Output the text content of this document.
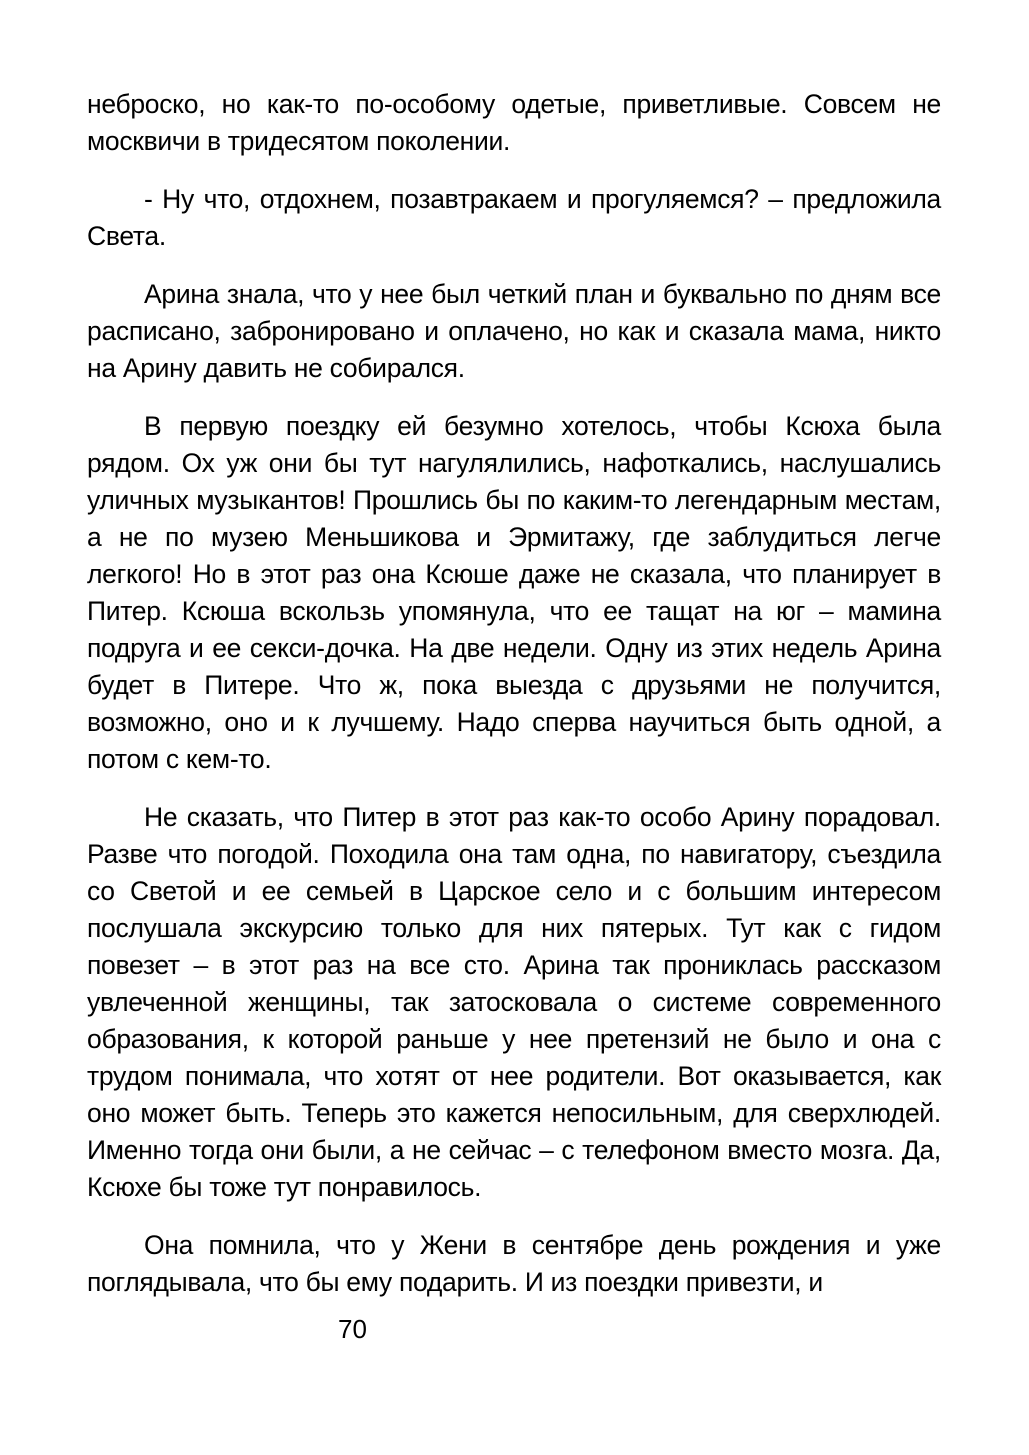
неброско, но как-то по-особому одетые, приветливые. Совсем не москвичи в тридесятом поколении.

- Ну что, отдохнем, позавтракаем и прогуляемся? – предложила Света.

Арина знала, что у нее был четкий план и буквально по дням все расписано, забронировано и оплачено, но как и сказала мама, никто на Арину давить не собирался.

В первую поездку ей безумно хотелось, чтобы Ксюха была рядом. Ох уж они бы тут нагулялились, нафоткались, наслушались уличных музыкантов! Прошлись бы по каким-то легендарным местам, а не по музею Меньшикова и Эрмитажу, где заблудиться легче легкого! Но в этот раз она Ксюше даже не сказала, что планирует в Питер. Ксюша вскользь упомянула, что ее тащат на юг – мамина подруга и ее секси-дочка. На две недели. Одну из этих недель Арина будет в Питере. Что ж, пока выезда с друзьями не получится, возможно, оно и к лучшему. Надо сперва научиться быть одной, а потом с кем-то.

Не сказать, что Питер в этот раз как-то особо Арину порадовал. Разве что погодой. Походила она там одна, по навигатору, съездила со Светой и ее семьей в Царское село и с большим интересом послушала экскурсию только для них пятерых. Тут как с гидом повезет – в этот раз на все сто. Арина так прониклась рассказом увлеченной женщины, так затосковала о системе современного образования, к которой раньше у нее претензий не было и она с трудом понимала, что хотят от нее родители. Вот оказывается, как оно может быть. Теперь это кажется непосильным, для сверхлюдей. Именно тогда они были, а не сейчас – с телефоном вместо мозга. Да, Ксюхе бы тоже тут понравилось.

Она помнила, что у Жени в сентябре день рождения и уже поглядывала, что бы ему подарить. И из поездки привезти, и

70
